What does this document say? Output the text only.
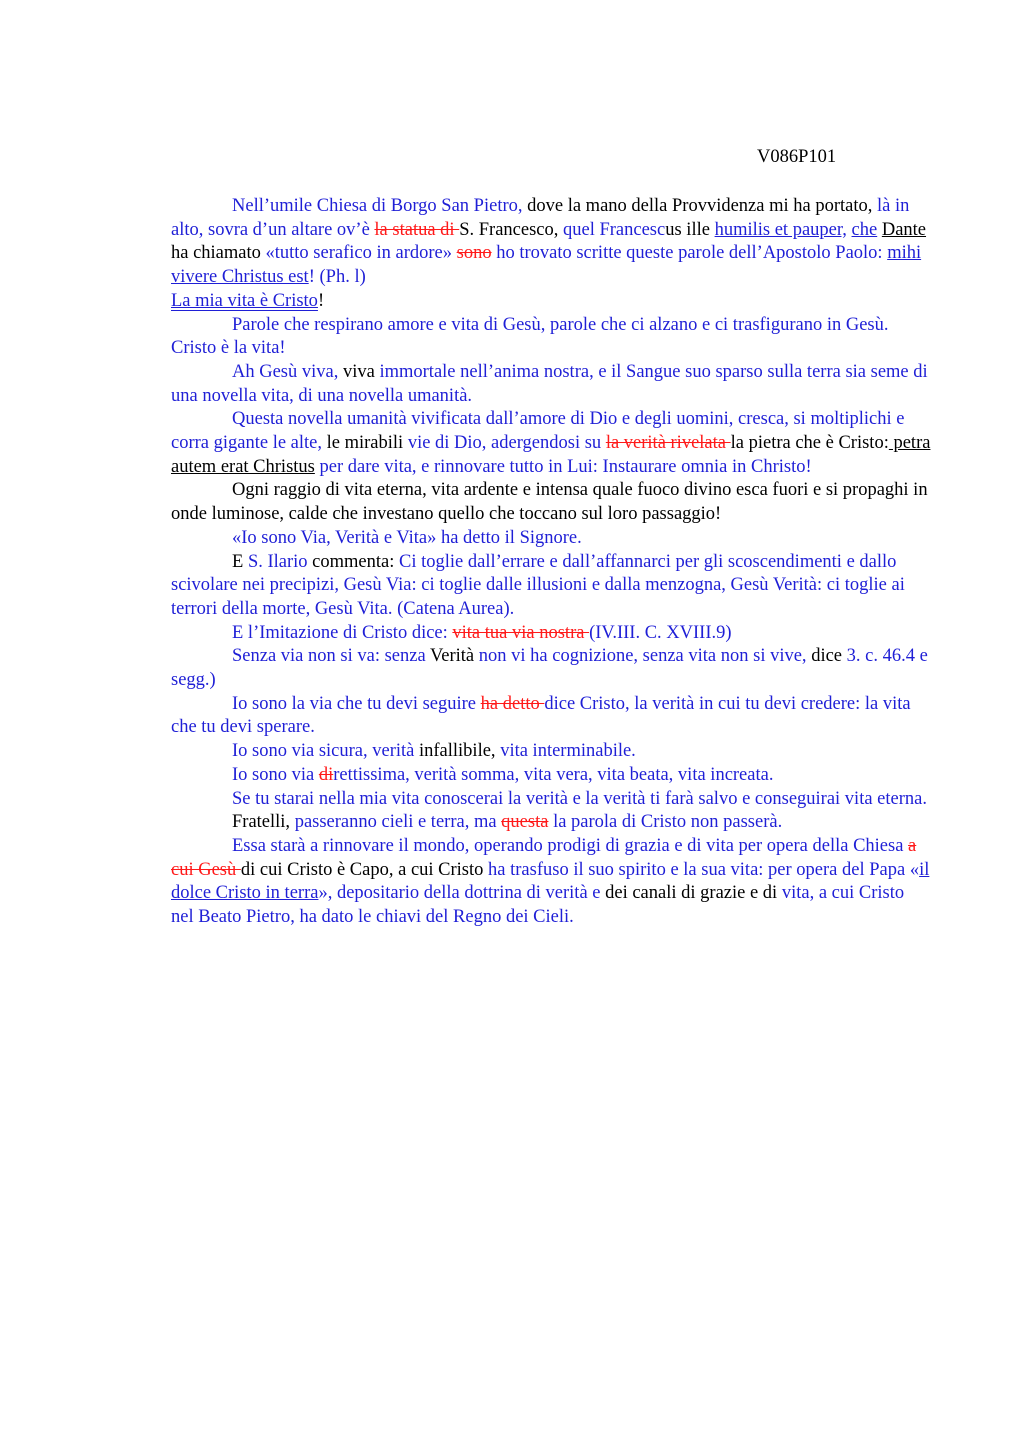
V086P101

Nell’umile Chiesa di Borgo San Pietro, dove la mano della Provvidenza mi ha portato, là in alto, sovra d’un altare ov’è la statua di S. Francesco, quel Francescus ille humilis et pauper, che Dante ha chiamato «tutto serafico in ardore» sono ho trovato scritte queste parole dell’Apostolo Paolo: mihi vivere Christus est! (Ph. l)

La mia vita è Cristo!

Parole che respirano amore e vita di Gesù, parole che ci alzano e ci trasfigurano in Gesù. Cristo è la vita!

Ah Gesù viva, viva immortale nell’anima nostra, e il Sangue suo sparso sulla terra sia seme di una novella vita, di una novella umanità.

Questa novella umanità vivificata dall’amore di Dio e degli uomini, cresca, si moltiplichi e corra gigante le alte, le mirabili vie di Dio, adergendosi su la verità rivelata la pietra che è Cristo: petra autem erat Christus per dare vita, e rinnovare tutto in Lui: Instaurare omnia in Christo!

Ogni raggio di vita eterna, vita ardente e intensa quale fuoco divino esca fuori e si propaghi in onde luminose, calde che investano quello che toccano sul loro passaggio!

«Io sono Via, Verità e Vita» ha detto il Signore.

E S. Ilario commenta: Ci toglie dall’errare e dall’affannarci per gli scoscendimenti e dallo scivolare nei precipizi, Gesù Via: ci toglie dalle illusioni e dalla menzogna, Gesù Verità: ci toglie ai terrori della morte, Gesù Vita. (Catena Aurea).

E l’Imitazione di Cristo dice: vita tua via nostra (IV.III. C. XVIII.9)

Senza via non si va: senza Verità non vi ha cognizione, senza vita non si vive, dice 3. c. 46.4 e segg.)

Io sono la via che tu devi seguire ha detto dice Cristo, la verità in cui tu devi credere: la vita che tu devi sperare.

Io sono via sicura, verità infallibile, vita interminabile.

Io sono via direttissima, verità somma, vita vera, vita beata, vita increata.

Se tu starai nella mia vita conoscerai la verità e la verità ti farà salvo e conseguirai vita eterna.

Fratelli, passeranno cieli e terra, ma questa la parola di Cristo non passerà.

Essa starà a rinnovare il mondo, operando prodigi di grazia e di vita per opera della Chiesa a cui Gesù di cui Cristo è Capo, a cui Cristo ha trasfuso il suo spirito e la sua vita: per opera del Papa «il dolce Cristo in terra», depositario della dottrina di verità e dei canali di grazie e di vita, a cui Cristo nel Beato Pietro, ha dato le chiavi del Regno dei Cieli.
